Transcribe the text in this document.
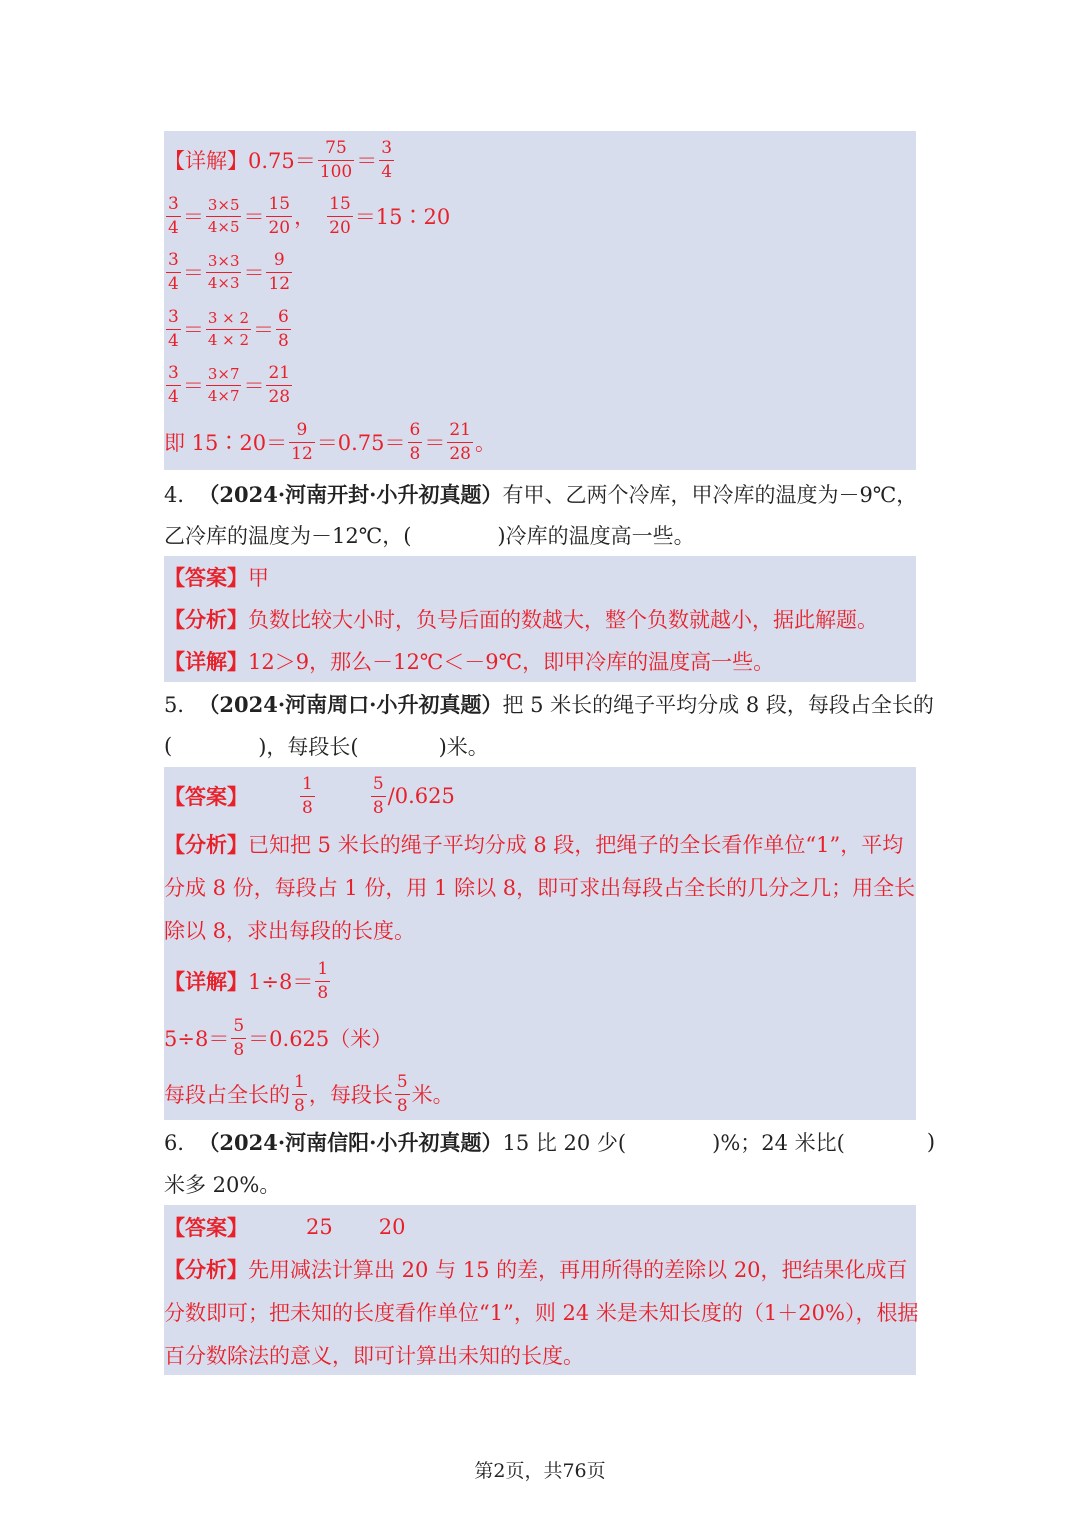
【详解】 $0.75= \frac{75}{100} = \frac{3}{4}$
$\frac{3}{4} = \frac{3\times 5}{4\times 5} = \frac{15}{20}$ ， $\frac{15}{20}$ ＝15∶20
$\frac{3}{4} = \frac{3\times 3}{4\times 3} = \frac{9}{12}$
$\frac{3}{4} = \frac{3 \times 2}{4 \times 2} = \frac{6}{8}$
$\frac{3}{4} = \frac{3\times 7}{4\times 7} = \frac{21}{28}$
即 15∶20＝ $\frac{9}{12} =0.75= \frac{6}{8} = \frac{21}{28}$ 。
4． （2024·河南开封·小升初真题） 有甲、乙两个冷库，甲冷库的温度为－9℃，
乙冷库的温度为－12℃，(	)冷库的温度高一些。
【答案】 甲
【分析】 负数比较大小时，负号后面的数越大，整个负数就越小，据此解题。
【详解】 12＞9，那么－12℃＜－9℃，即甲冷库的温度高一些。
5． （2024·河南周口·小升初真题） 把 5 米长的绳子平均分成 8 段，每段占全长的
(	)，每段长(	)米。
【答案】	$\frac{1}{8}$	$\frac{5}{8} /0.625$
【分析】 已知把 5 米长的绳子平均分成 8 段，把绳子的全长看作单位“1”，平均
分成 8 份，每段占 1 份，用 1 除以 8，即可求出每段占全长的几分之几；用全长
除以 8，求出每段的长度。
【详解】 $1\div 8= \frac{1}{8}$
$5\div 8= \frac{5}{8} =0.625$（米）
每段占全长的 $\frac{1}{8}$ ，每段长 $\frac{5}{8}$ 米。
6． （2024·河南信阳·小升初真题） 15 比 20 少(	)%；24 米比(	)
米多 20%。
【答案】	25 20
【分析】 先用减法计算出 20 与 15 的差，再用所得的差除以 20，把结果化成百
分数即可；把未知的长度看作单位“1”，则 24 米是未知长度的（1＋20%），根据
百分数除法的意义，即可计算出未知的长度。
第2页，共76页
